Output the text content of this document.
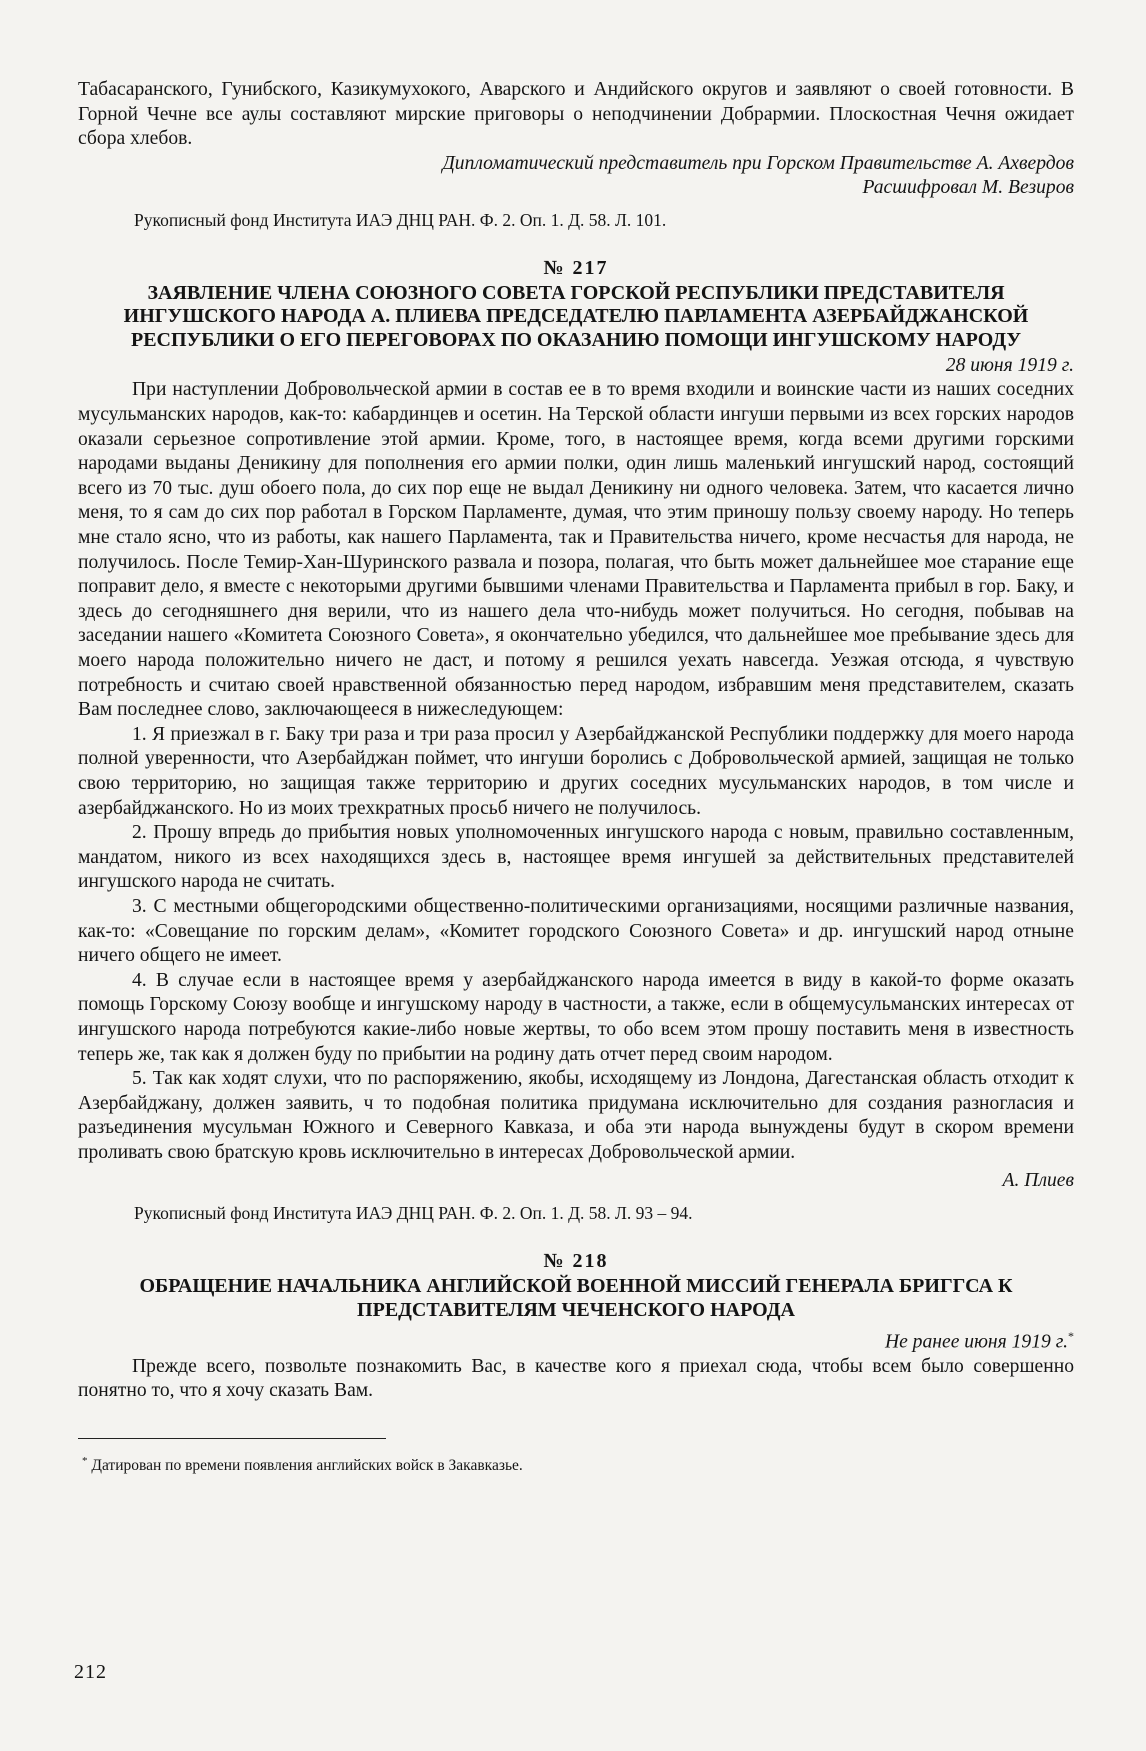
Табасаранского, Гунибского, Казикумухокого, Аварского и Андийского округов и заявляют о своей готовности. В Горной Чечне все аулы составляют мирские приговоры о неподчинении Добрармии. Плоскостная Чечня ожидает сбора хлебов.

Дипломатический представитель при Горском Правительстве А. Ахвердов

Расшифровал М. Везиров

Рукописный фонд Института ИАЭ ДНЦ РАН. Ф. 2. Оп. 1. Д. 58. Л. 101.

№ 217

ЗАЯВЛЕНИЕ ЧЛЕНА СОЮЗНОГО СОВЕТА ГОРСКОЙ РЕСПУБЛИКИ ПРЕДСТАВИТЕЛЯ ИНГУШСКОГО НАРОДА А. ПЛИЕВА ПРЕДСЕДАТЕЛЮ ПАРЛАМЕНТА АЗЕРБАЙДЖАНСКОЙ РЕСПУБЛИКИ О ЕГО ПЕРЕГОВОРАХ ПО ОКАЗАНИЮ ПОМОЩИ ИНГУШСКОМУ НАРОДУ

28 июня 1919 г.

При наступлении Добровольческой армии в состав ее в то время входили и воинские части из наших соседних мусульманских народов, как-то: кабардинцев и осетин. На Терской области ингуши первыми из всех горских народов оказали серьезное сопротивление этой армии. Кроме, того, в настоящее время, когда всеми другими горскими народами выданы Деникину для пополнения его армии полки, один лишь маленький ингушский народ, состоящий всего из 70 тыс. душ обоего пола, до сих пор еще не выдал Деникину ни одного человека. Затем, что касается лично меня, то я сам до сих пор работал в Горском Парламенте, думая, что этим приношу пользу своему народу. Но теперь мне стало ясно, что из работы, как нашего Парламента, так и Правительства ничего, кроме несчастья для народа, не получилось. После Темир-Хан-Шуринского развала и позора, полагая, что быть может дальнейшее мое старание еще поправит дело, я вместе с некоторыми другими бывшими членами Правительства и Парламента прибыл в гор. Баку, и здесь до сегодняшнего дня верили, что из нашего дела что-нибудь может получиться. Но сегодня, побывав на заседании нашего «Комитета Союзного Совета», я окончательно убедился, что дальнейшее мое пребывание здесь для моего народа положительно ничего не даст, и потому я решился уехать навсегда. Уезжая отсюда, я чувствую потребность и считаю своей нравственной обязанностью перед народом, избравшим меня представителем, сказать Вам последнее слово, заключающееся в нижеследующем:

1. Я приезжал в г. Баку три раза и три раза просил у Азербайджанской Республики поддержку для моего народа полной уверенности, что Азербайджан поймет, что ингуши боролись с Добровольческой армией, защищая не только свою территорию, но защищая также территорию и других соседних мусульманских народов, в том числе и азербайджанского. Но из моих трехкратных просьб ничего не получилось.

2. Прошу впредь до прибытия новых уполномоченных ингушского народа с новым, правильно составленным, мандатом, никого из всех находящихся здесь в, настоящее время ингушей за действительных представителей ингушского народа не считать.

3. С местными общегородскими общественно-политическими организациями, носящими различные названия, как-то: «Совещание по горским делам», «Комитет городского Союзного Совета» и др. ингушский народ отныне ничего общего не имеет.

4. В случае если в настоящее время у азербайджанского народа имеется в виду в какой-то форме оказать помощь Горскому Союзу вообще и ингушскому народу в частности, а также, если в общемусульманских интересах от ингушского народа потребуются какие-либо новые жертвы, то обо всем этом прошу поставить меня в известность теперь же, так как я должен буду по прибытии на родину дать отчет перед своим народом.

5. Так как ходят слухи, что по распоряжению, якобы, исходящему из Лондона, Дагестанская область отходит к Азербайджану, должен заявить, ч то подобная политика придумана исключительно для создания разногласия и разъединения мусульман Южного и Северного Кавказа, и оба эти народа вынуждены будут в скором времени проливать свою братскую кровь исключительно в интересах Добровольческой армии.

А. Плиев

Рукописный фонд Института ИАЭ ДНЦ РАН. Ф. 2. Оп. 1. Д. 58. Л. 93 – 94.

№ 218

ОБРАЩЕНИЕ НАЧАЛЬНИКА АНГЛИЙСКОЙ ВОЕННОЙ МИССИЙ ГЕНЕРАЛА БРИГГСА К ПРЕДСТАВИТЕЛЯМ ЧЕЧЕНСКОГО НАРОДА

Не ранее июня 1919 г.*

Прежде всего, позвольте познакомить Вас, в качестве кого я приехал сюда, чтобы всем было совершенно понятно то, что я хочу сказать Вам.

* Датирован по времени появления английских войск в Закавказье.

212
